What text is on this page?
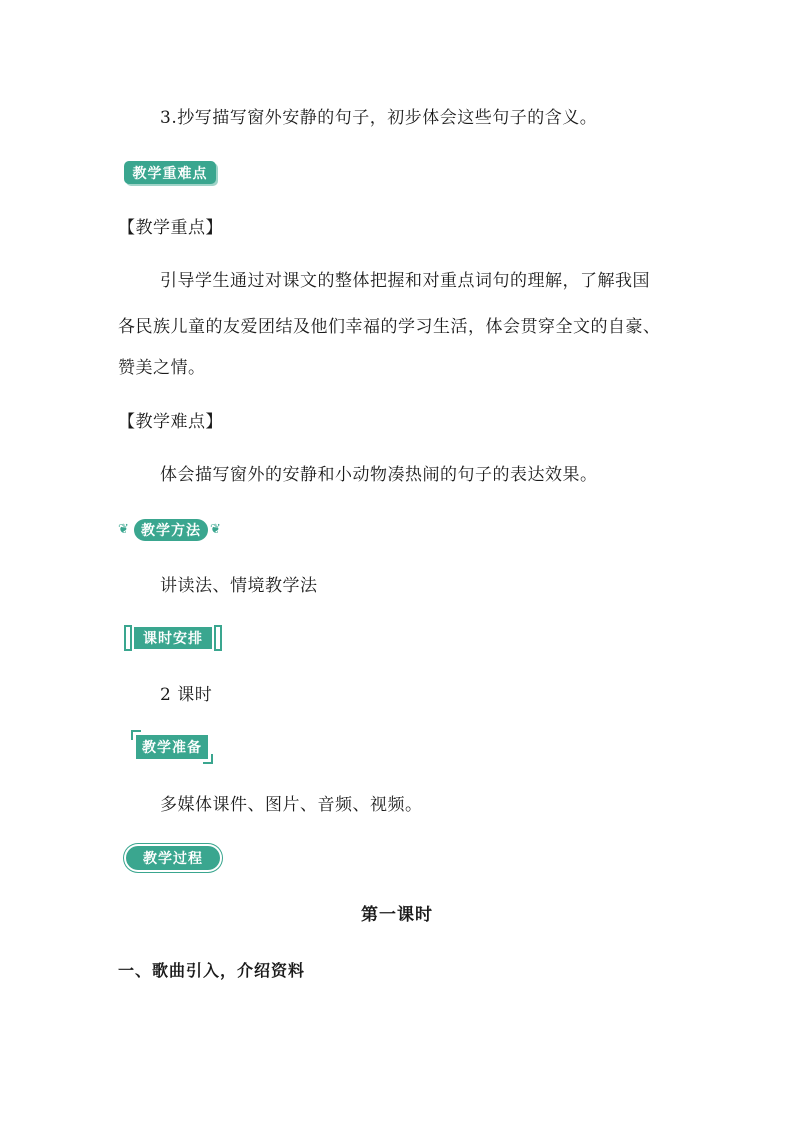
3.抄写描写窗外安静的句子，初步体会这些句子的含义。
教学重难点
【教学重点】
引导学生通过对课文的整体把握和对重点词句的理解，了解我国
各民族儿童的友爱团结及他们幸福的学习生活，体会贯穿全文的自豪、
赞美之情。
【教学难点】
体会描写窗外的安静和小动物凑热闹的句子的表达效果。
❦ 教学方法 ❦
讲读法、情境教学法
课时安排
2 课时
教学准备
多媒体课件、图片、音频、视频。
教学过程
第一课时
一、歌曲引入，介绍资料
